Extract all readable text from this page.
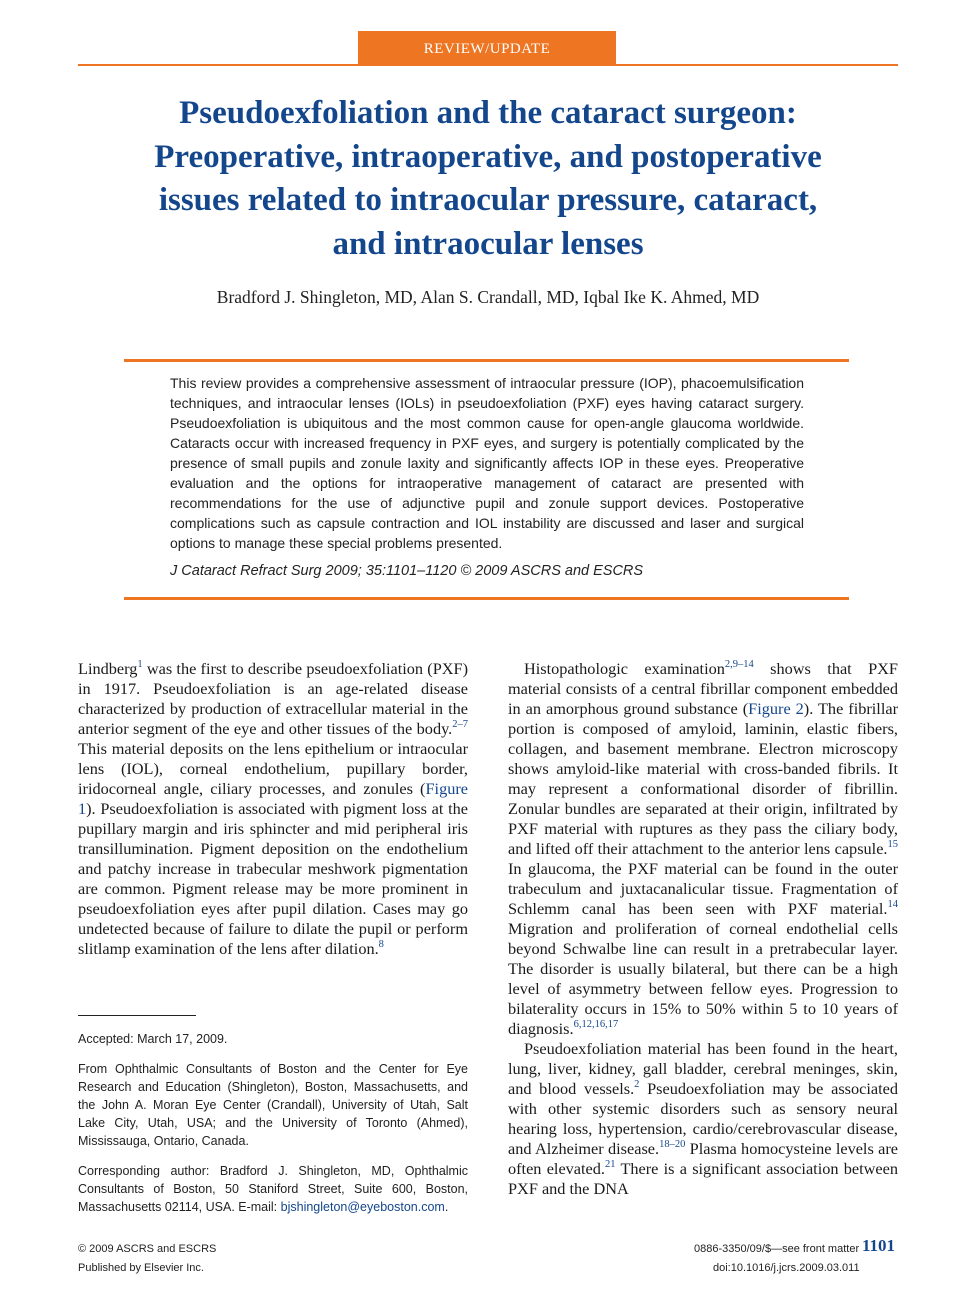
REVIEW/UPDATE
Pseudoexfoliation and the cataract surgeon:
Preoperative, intraoperative, and postoperative
issues related to intraocular pressure, cataract,
and intraocular lenses
Bradford J. Shingleton, MD, Alan S. Crandall, MD, Iqbal Ike K. Ahmed, MD
This review provides a comprehensive assessment of intraocular pressure (IOP), phacoemulsification techniques, and intraocular lenses (IOLs) in pseudoexfoliation (PXF) eyes having cataract surgery. Pseudoexfoliation is ubiquitous and the most common cause for open-angle glaucoma worldwide. Cataracts occur with increased frequency in PXF eyes, and surgery is potentially complicated by the presence of small pupils and zonule laxity and significantly affects IOP in these eyes. Preoperative evaluation and the options for intraoperative management of cataract are presented with recommendations for the use of adjunctive pupil and zonule support devices. Postoperative complications such as capsule contraction and IOL instability are discussed and laser and surgical options to manage these special problems presented.
J Cataract Refract Surg 2009; 35:1101–1120 © 2009 ASCRS and ESCRS

Lindberg$^1$ was the first to describe pseudoexfoliation (PXF) in 1917. Pseudoexfoliation is an age-related disease characterized by production of extracellular material in the anterior segment of the eye and other tissues of the body.$^{2-7}$ This material deposits on the lens epithelium or intraocular lens (IOL), corneal endothelium, pupillary border, iridocorneal angle, ciliary processes, and zonules (Figure 1). Pseudoexfoliation is associated with pigment loss at the pupillary margin and iris sphincter and mid peripheral iris transillumination. Pigment deposition on the endothelium and patchy increase in trabecular meshwork pigmentation are common. Pigment release may be more prominent in pseudoexfoliation eyes after pupil dilation. Cases may go undetected because of failure to dilate the pupil or perform slitlamp examination of the lens after dilation.$^8$

Histopathologic examination$^{2,9-14}$ shows that PXF material consists of a central fibrillar component embedded in an amorphous ground substance (Figure 2). The fibrillar portion is composed of amyloid, laminin, elastic fibers, collagen, and basement membrane. Electron microscopy shows amyloid-like material with cross-banded fibrils. It may represent a conformational disorder of fibrillin. Zonular bundles are separated at their origin, infiltrated by PXF material with ruptures as they pass the ciliary body, and lifted off their attachment to the anterior lens capsule.$^{15}$ In glaucoma, the PXF material can be found in the outer trabeculum and juxtacanalicular tissue. Fragmentation of Schlemm canal has been seen with PXF material.$^{14}$ Migration and proliferation of corneal endothelial cells beyond Schwalbe line can result in a pretrabecular layer. The disorder is usually bilateral, but there can be a high level of asymmetry between fellow eyes. Progression to bilaterality occurs in 15% to 50% within 5 to 10 years of diagnosis.$^{6,12,16,17}$

Pseudoexfoliation material has been found in the heart, lung, liver, kidney, gall bladder, cerebral meninges, skin, and blood vessels.$^2$ Pseudoexfoliation may be associated with other systemic disorders such as sensory neural hearing loss, hypertension, cardio/cerebrovascular disease, and Alzheimer disease.$^{18-20}$ Plasma homocysteine levels are often elevated.$^{21}$ There is a significant association between PXF and the DNA

Accepted: March 17, 2009.
From Ophthalmic Consultants of Boston and the Center for Eye Research and Education (Shingleton), Boston, Massachusetts, and the John A. Moran Eye Center (Crandall), University of Utah, Salt Lake City, Utah, USA; and the University of Toronto (Ahmed), Mississauga, Ontario, Canada.
Corresponding author: Bradford J. Shingleton, MD, Ophthalmic Consultants of Boston, 50 Staniford Street, Suite 600, Boston, Massachusetts 02114, USA. E-mail: bjshingleton@eyeboston.com.
© 2009 ASCRS and ESCRS
Published by Elsevier Inc.
0886-3350/09/$—see front matter
doi:10.1016/j.jcrs.2009.03.011
1101
